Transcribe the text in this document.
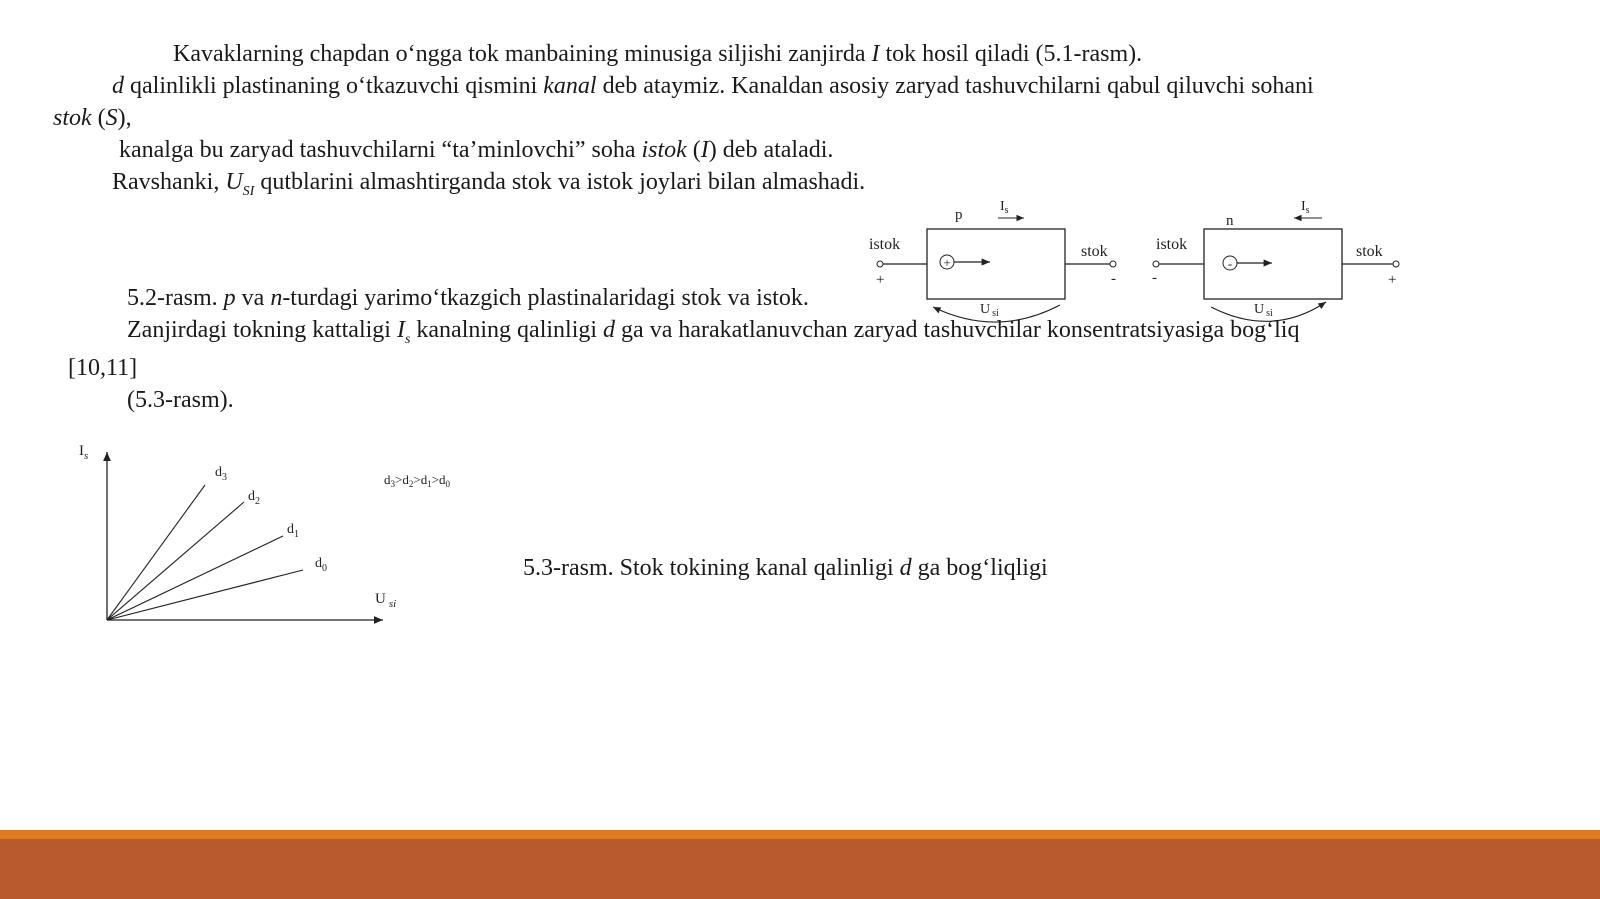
Kavaklarning chapdan o‘ngga tok manbaining minusiga siljishi zanjirda I tok hosil qiladi (5.1-rasm).
d qalinlikli plastinaning o‘tkazuvchi qismini kanal deb ataymiz. Kanaldan asosiy zaryad tashuvchilarni qabul qiluvchi sohani
stok (S),
kanalga bu zaryad tashuvchilarni “ta’minlovchi” soha istok (I) deb ataladi.
Ravshanki, $U_{SI}$ qutblarini almashtirganda stok va istok joylari bilan almashadi.
5.2-rasm. p va n-turdagi yarimo‘tkazgich plastinalaridagi stok va istok.
Zanjirdagi tokning kattaligi $I_s$ kanalning qalinligi d ga va harakatlanuvchan zaryad tashuvchilar konsentratsiyasiga bog‘liq
[10,11]
(5.3-rasm).
5.3-rasm. Stok tokining kanal qalinligi d ga bog‘liqligi
+
istok	stok
p
$I_s$
+	-
U $_{si}$
-
istok	stok
n
$I_s$
-	+
U $_{si}$
$I_s$
U $_{si}$
$d_3$
$d_2$
$d_1$
$d_0$
$d_3>d_2>d_1>d_0$
